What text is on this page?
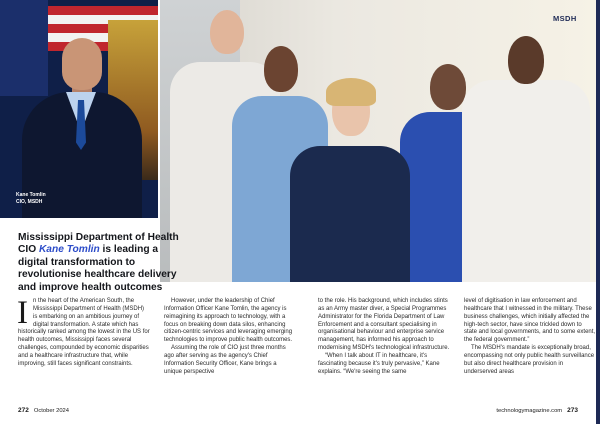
Kane Tomlin
CIO, MSDH
MSDH
Mississippi Department of Health CIO Kane Tomlin is leading a digital transformation to revolutionise healthcare delivery and improve health outcomes
I n the heart of the American South, the Mississippi Department of Health (MSDH) is embarking on an ambitious journey of digital transformation. A state which has historically ranked among the lowest in the US for health outcomes, Mississippi faces several challenges, compounded by economic disparities and a healthcare infrastructure that, while improving, still faces significant constraints.

However, under the leadership of Chief Information Officer Kane Tomlin, the agency is reimagining its approach to technology, with a focus on breaking down data silos, enhancing citizen-centric services and leveraging emerging technologies to improve public health outcomes.

Assuming the role of CIO just three months ago after serving as the agency's Chief Information Security Officer, Kane brings a unique perspective

to the role. His background, which includes stints as an Army master diver, a Special Programmes Administrator for the Florida Department of Law Enforcement and a consultant specialising in organisational behaviour and enterprise service management, has informed his approach to modernising MSDH's technological infrastructure.

“When I talk about IT in healthcare, it's fascinating because it's truly pervasive,” Kane explains. “We're seeing the same

level of digitisation in law enforcement and healthcare that I witnessed in the military. These business challenges, which initially affected the high-tech sector, have since trickled down to state and local governments, and to some extent, the federal government.”

The MSDH's mandate is exceptionally broad, encompassing not only public health surveillance but also direct healthcare provision in underserved areas

272 October 2024	technologymagazine.com 273
